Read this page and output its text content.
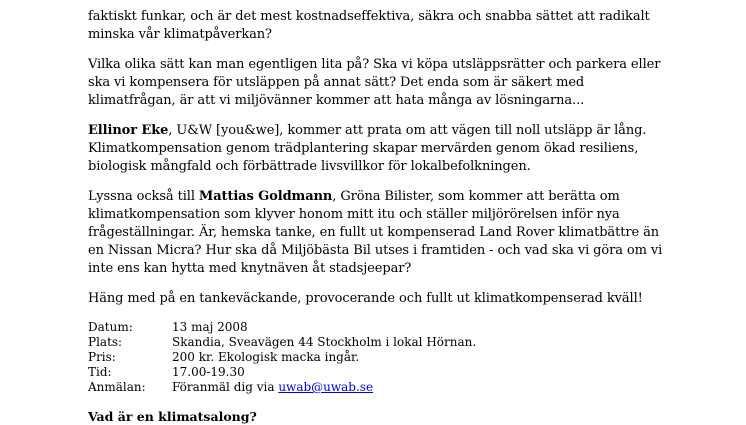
faktiskt funkar, och är det mest kostnadseffektiva, säkra och snabba sättet att radikalt
minska vår klimatpåverkan?

Vilka olika sätt kan man egentligen lita på? Ska vi köpa utsläppsrätter och parkera eller
ska vi kompensera för utsläppen på annat sätt? Det enda som är säkert med
klimatfrågan, är att vi miljövänner kommer att hata många av lösningarna...

Ellinor Eke, U&W [you&we], kommer att prata om att vägen till noll utsläpp är lång.
Klimatkompensation genom trädplantering skapar mervärden genom ökad resiliens,
biologisk mångfald och förbättrade livsvillkor för lokalbefolkningen.

Lyssna också till Mattias Goldmann, Gröna Bilister, som kommer att berätta om
klimatkompensation som klyver honom mitt itu och ställer miljörörelsen inför nya
frågeställningar. Är, hemska tanke, en fullt ut kompenserad Land Rover klimatbättre än
en Nissan Micra? Hur ska då Miljöbästa Bil utses i framtiden - och vad ska vi göra om vi
inte ens kan hytta med knytnäven åt stadsjeepar?

Häng med på en tankeväckande, provocerande och fullt ut klimatkompenserad kväll!

Datum:	13 maj 2008
Plats:	Skandia, Sveavägen 44 Stockholm i lokal Hörnan.
Pris:	200 kr. Ekologisk macka ingår.
Tid:	17.00-19.30
Anmälan:	Föranmäl dig via uwab@uwab.se
Vad är en klimatsalong?
